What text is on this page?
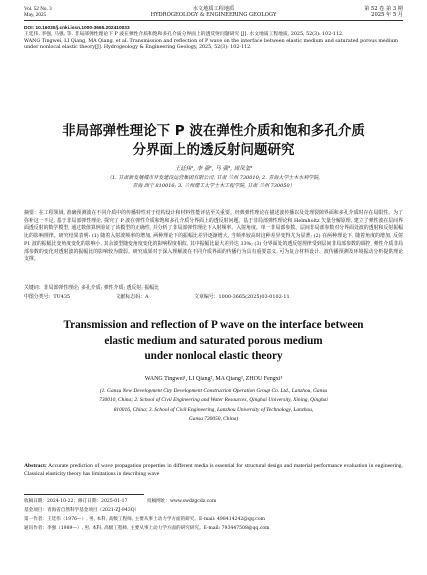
Vol. 52 No. 3
May, 2025
水文地质工程地质
HYDROGEOLOGY & ENGINEERING GEOLOGY
第 52 卷 第 3 期
2025 年 5 月
DOI: 10.16030/j.cnki.issn.1000-3665.202410033
王廷伟, 李强, 马强, 等. 非局部弹性理论下 P 波在弹性介质和饱和多孔介质分界面上的透反射问题研究 [J]. 水文地质工程地质, 2025, 52(3): 102-112.
WANG Tingwei, LI Qiang, MA Qiang, et al. Transmission and reflection of P wave on the interface between elastic medium and saturated porous medium under nonlocal elastic theory[J]. Hydrogeology & Engineering Geology, 2025, 52(3): 102-112.
非局部弹性理论下 P 波在弹性介质和饱和多孔介质
分界面上的透反射问题研究
王廷伟¹, 李 强², 马 强³, 周凤玺³
（1. 甘肃新发展城市开发建设运营集团有限公司, 甘肃 兰州 730010; 2. 青海大学土木水利学院,
青海 西宁 810016; 3. 兰州理工大学土木工程学院, 甘肃 兰州 730050）
摘要：在工程领域, 准确预测波在不同介质中的传播特性对于结构设计和材料性能评估至关重要。经典弹性理论在描述波传播以及处理裂隙界面和多孔介质时存在局限性。为了弥补这一不足, 基于非局部弹性理论, 探究了 P 波在弹性介质和饱和多孔介质分界面上的透反射问题。基于非局部弹性理论和 Helmholtz 矢量分解原理, 建立了弹性波在层间界面透反射的数学模型, 通过数值算例验证了该模型的正确性, 并分析了非局部弹性理论下入射频率、入射角度、单一非局部参数、层间非局部参数对分界面处波的透射和反射振幅比的影响规律。研究结果表明: (1) 随着入射波频率的增加, 两种理论下的振幅比差异逐渐增大, 当频率较高时这种差异变得尤为显著; (2) 在两种理论下, 随着角度的增加, 反射 P1 波的振幅比变角度变化的影响小, 其余波型随变角度变化的影响程度相似, 其中振幅比最大差异达 33%; (3) 分界面处的透反射规律受到层间非局部参数的调控, 弹性介质非局部参数的变化对透射波的振幅比的影响较为微弱。研究成果对于深入理解波在不同介质界面的传播行为具有重要意义, 可为复合材料设计、波传播预测及环境振动分析提供理论支撑。
关键词：非局部弹性理论; 多孔介质; 弹性介质; 透反射; 振幅比
中图分类号：TU435	文献标志码：A	文章编号：1000-3665(2025)03-0102-11
Transmission and reflection of P wave on the interface between
elastic medium and saturated porous medium
under nonlocal elastic theory
WANG Tingwei¹, LI Qiang², MA Qiang³, ZHOU Fengxi³
(1. Gansu New Development City Development Construction Operation Group Co. Ltd., Lanzhou, Gansu
730010, China; 2. School of Civil Engineering and Water Resources, Qinghai University, Xining, Qinghai
810016, China; 3. School of Civil Engineering, Lanzhou University of Technology, Lanzhou,
Gansu 730050, China)
Abstract: Accurate prediction of wave propagation properties in different media is essential for structural design and material performance evaluation in engineering. Classical elasticity theory has limitations in describing wave
收稿日期：2024-10-22；修订日期：2025-01-17	投稿网址：www.swdzgcdz.com
基金项目：青海省自然科学基金项目（2021-ZJ-943Q）
第一作者：王廷伟（1976—）, 男, 本科, 高级工程师, 主要从事土动力学方面的研究。E-mail: 498414242@qq.com
通讯作者：李强（1989—）, 男, 本科, 高级工程师, 主要从事土动力学方面的研究研究。E-mail: 793447508@qq.com
